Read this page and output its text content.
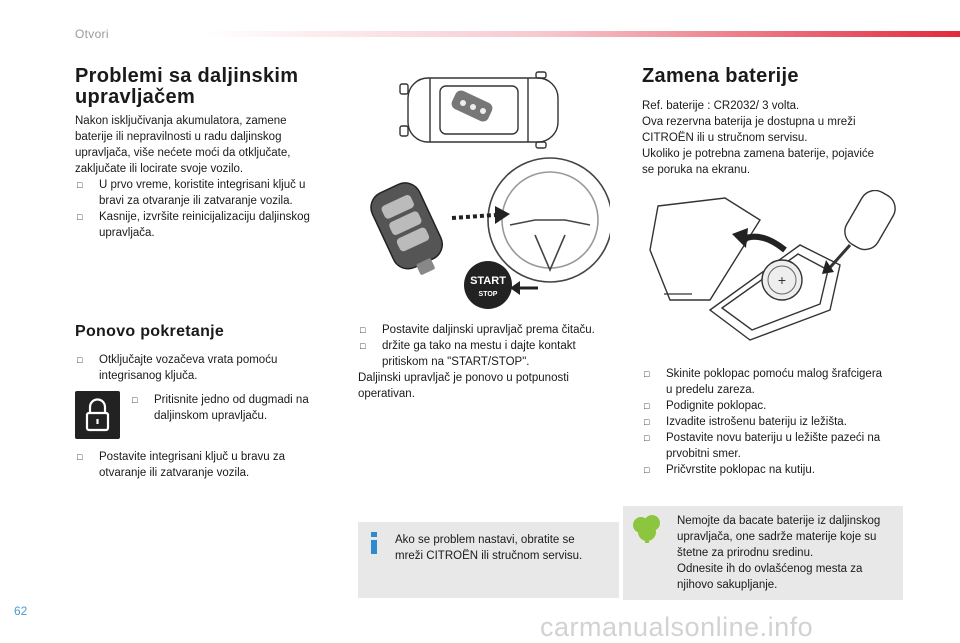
Otvori
Problemi sa daljinskim
upravljačem

Nakon isključivanja akumulatora, zamene

baterije ili nepravilnosti u radu daljinskog

upravljača, više nećete moći da otključate,

zaključate ili locirate svoje vozilo.

□ U prvo vreme, koristite integrisani ključ u
bravi za otvaranje ili zatvaranje vozila.
□ Kasnije, izvršite reinicijalizaciju daljinskog
upravljača.
Ponovo pokretanje
□ Otključajte vozačeva vrata pomoću
integrisanog ključa.
□ Pritisnite jedno od dugmadi na
daljinskom upravljaču.
□ Postavite integrisani ključ u bravu za
otvaranje ili zatvaranje vozila.
START
STOP
□ Postavite daljinski upravljač prema čitaču.
□ držite ga tako na mestu i dajte kontakt
pritiskom na "START/STOP".

Daljinski upravljač je ponovo u potpunosti

operativan.

Ako se problem nastavi, obratite se

mreži CITROËN ili stručnom servisu.

Zamena baterije

Ref. baterije : CR2032/ 3 volta.

Ova rezervna baterija je dostupna u mreži

CITROËN ili u stručnom servisu.

Ukoliko je potrebna zamena baterije, pojaviće

se poruka na ekranu.

+
□ Skinite poklopac pomoću malog šrafcigera
u predelu zareza.
□ Podignite poklopac.
□ Izvadite istrošenu bateriju iz ležišta.
□ Postavite novu bateriju u ležište pazeći na
prvobitni smer.
□ Pričvrstite poklopac na kutiju.

Nemojte da bacate baterije iz daljinskog

upravljača, one sadrže materije koje su

štetne za prirodnu sredinu.

Odnesite ih do ovlašćenog mesta za

njihovo sakupljanje.

62
carmanualsonline.info
